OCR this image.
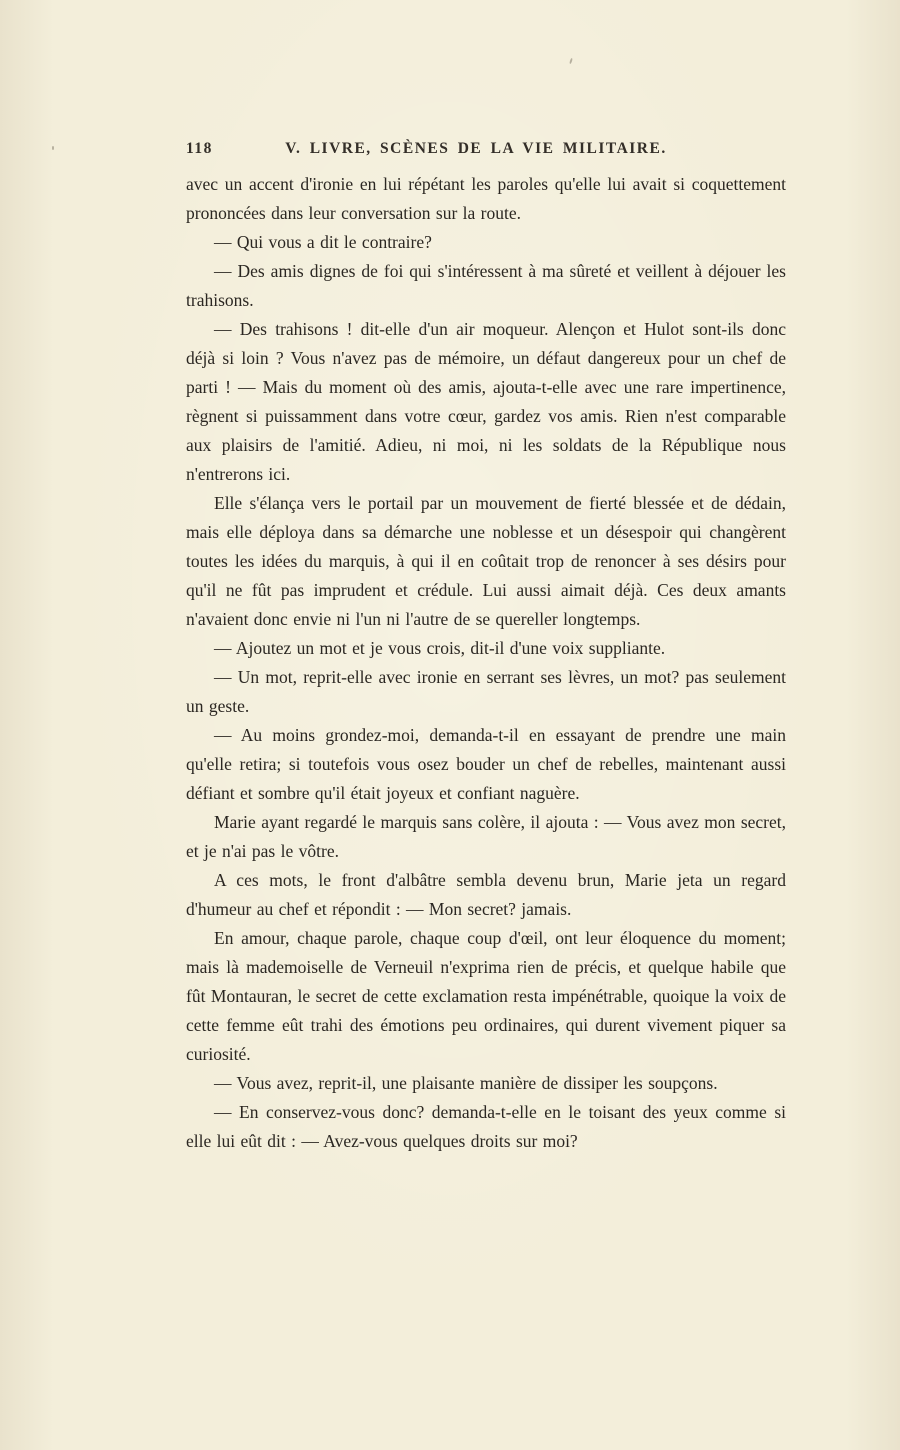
118	V. LIVRE, SCÈNES DE LA VIE MILITAIRE.

avec un accent d'ironie en lui répétant les paroles qu'elle lui avait si coquettement prononcées dans leur conversation sur la route.

— Qui vous a dit le contraire?

— Des amis dignes de foi qui s'intéressent à ma sûreté et veillent à déjouer les trahisons.

— Des trahisons ! dit-elle d'un air moqueur. Alençon et Hulot sont-ils donc déjà si loin ? Vous n'avez pas de mémoire, un défaut dangereux pour un chef de parti ! — Mais du moment où des amis, ajouta-t-elle avec une rare impertinence, règnent si puissamment dans votre cœur, gardez vos amis. Rien n'est comparable aux plaisirs de l'amitié. Adieu, ni moi, ni les soldats de la République nous n'entrerons ici.

Elle s'élança vers le portail par un mouvement de fierté blessée et de dédain, mais elle déploya dans sa démarche une noblesse et un désespoir qui changèrent toutes les idées du marquis, à qui il en coûtait trop de renoncer à ses désirs pour qu'il ne fût pas imprudent et crédule. Lui aussi aimait déjà. Ces deux amants n'avaient donc envie ni l'un ni l'autre de se quereller longtemps.

— Ajoutez un mot et je vous crois, dit-il d'une voix suppliante.

— Un mot, reprit-elle avec ironie en serrant ses lèvres, un mot? pas seulement un geste.

— Au moins grondez-moi, demanda-t-il en essayant de prendre une main qu'elle retira; si toutefois vous osez bouder un chef de rebelles, maintenant aussi défiant et sombre qu'il était joyeux et confiant naguère.

Marie ayant regardé le marquis sans colère, il ajouta : — Vous avez mon secret, et je n'ai pas le vôtre.

A ces mots, le front d'albâtre sembla devenu brun, Marie jeta un regard d'humeur au chef et répondit : — Mon secret? jamais.

En amour, chaque parole, chaque coup d'œil, ont leur éloquence du moment; mais là mademoiselle de Verneuil n'exprima rien de précis, et quelque habile que fût Montauran, le secret de cette exclamation resta impénétrable, quoique la voix de cette femme eût trahi des émotions peu ordinaires, qui durent vivement piquer sa curiosité.

— Vous avez, reprit-il, une plaisante manière de dissiper les soupçons.

— En conservez-vous donc? demanda-t-elle en le toisant des yeux comme si elle lui eût dit : — Avez-vous quelques droits sur moi?
